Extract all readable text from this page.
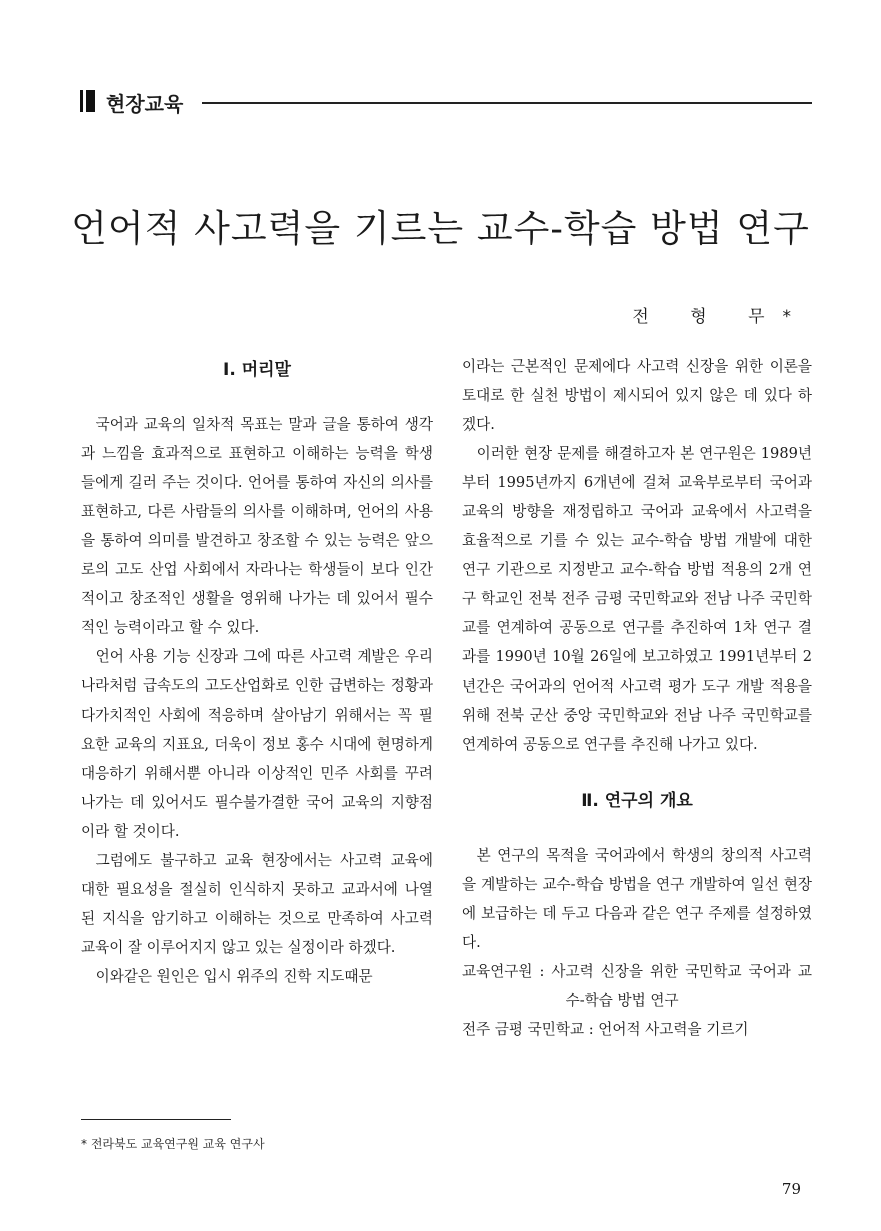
현장교육
언어적 사고력을 기르는 교수-학습 방법 연구
전 형 무*
Ⅰ. 머리말

국어과 교육의 일차적 목표는 말과 글을 통하여 생각과 느낌을 효과적으로 표현하고 이해하는 능력을 학생들에게 길러 주는 것이다. 언어를 통하여 자신의 의사를 표현하고, 다른 사람들의 의사를 이해하며, 언어의 사용을 통하여 의미를 발견하고 창조할 수 있는 능력은 앞으로의 고도 산업 사회에서 자라나는 학생들이 보다 인간적이고 창조적인 생활을 영위해 나가는 데 있어서 필수적인 능력이라고 할 수 있다.

언어 사용 기능 신장과 그에 따른 사고력 계발은 우리 나라처럼 급속도의 고도산업화로 인한 급변하는 정황과 다가치적인 사회에 적응하며 살아남기 위해서는 꼭 필요한 교육의 지표요, 더욱이 정보 홍수 시대에 현명하게 대응하기 위해서뿐 아니라 이상적인 민주 사회를 꾸려나가는 데 있어서도 필수불가결한 국어 교육의 지향점이라 할 것이다.

그럼에도 불구하고 교육 현장에서는 사고력 교육에 대한 필요성을 절실히 인식하지 못하고 교과서에 나열된 지식을 암기하고 이해하는 것으로 만족하여 사고력 교육이 잘 이루어지지 않고 있는 실정이라 하겠다.

이와같은 원인은 입시 위주의 진학 지도때문

이라는 근본적인 문제에다 사고력 신장을 위한 이론을 토대로 한 실천 방법이 제시되어 있지 않은 데 있다 하겠다.

이러한 현장 문제를 해결하고자 본 연구원은 1989년부터 1995년까지 6개년에 걸쳐 교육부로부터 국어과 교육의 방향을 재정립하고 국어과 교육에서 사고력을 효율적으로 기를 수 있는 교수-학습 방법 개발에 대한 연구 기관으로 지정받고 교수-학습 방법 적용의 2개 연구 학교인 전북 전주 금평 국민학교와 전남 나주 국민학교를 연계하여 공동으로 연구를 추진하여 1차 연구 결과를 1990년 10월 26일에 보고하였고 1991년부터 2년간은 국어과의 언어적 사고력 평가 도구 개발 적용을 위해 전북 군산 중앙 국민학교와 전남 나주 국민학교를 연계하여 공동으로 연구를 추진해 나가고 있다.

Ⅱ. 연구의 개요

본 연구의 목적을 국어과에서 학생의 창의적 사고력을 계발하는 교수-학습 방법을 연구 개발하여 일선 현장에 보급하는 데 두고 다음과 같은 연구 주제를 설정하였다.

교육연구원 : 사고력 신장을 위한 국민학교 국어과 교수-학습 방법 연구

전주 금평 국민학교 : 언어적 사고력을 기르기

* 전라북도 교육연구원 교육 연구사
79
